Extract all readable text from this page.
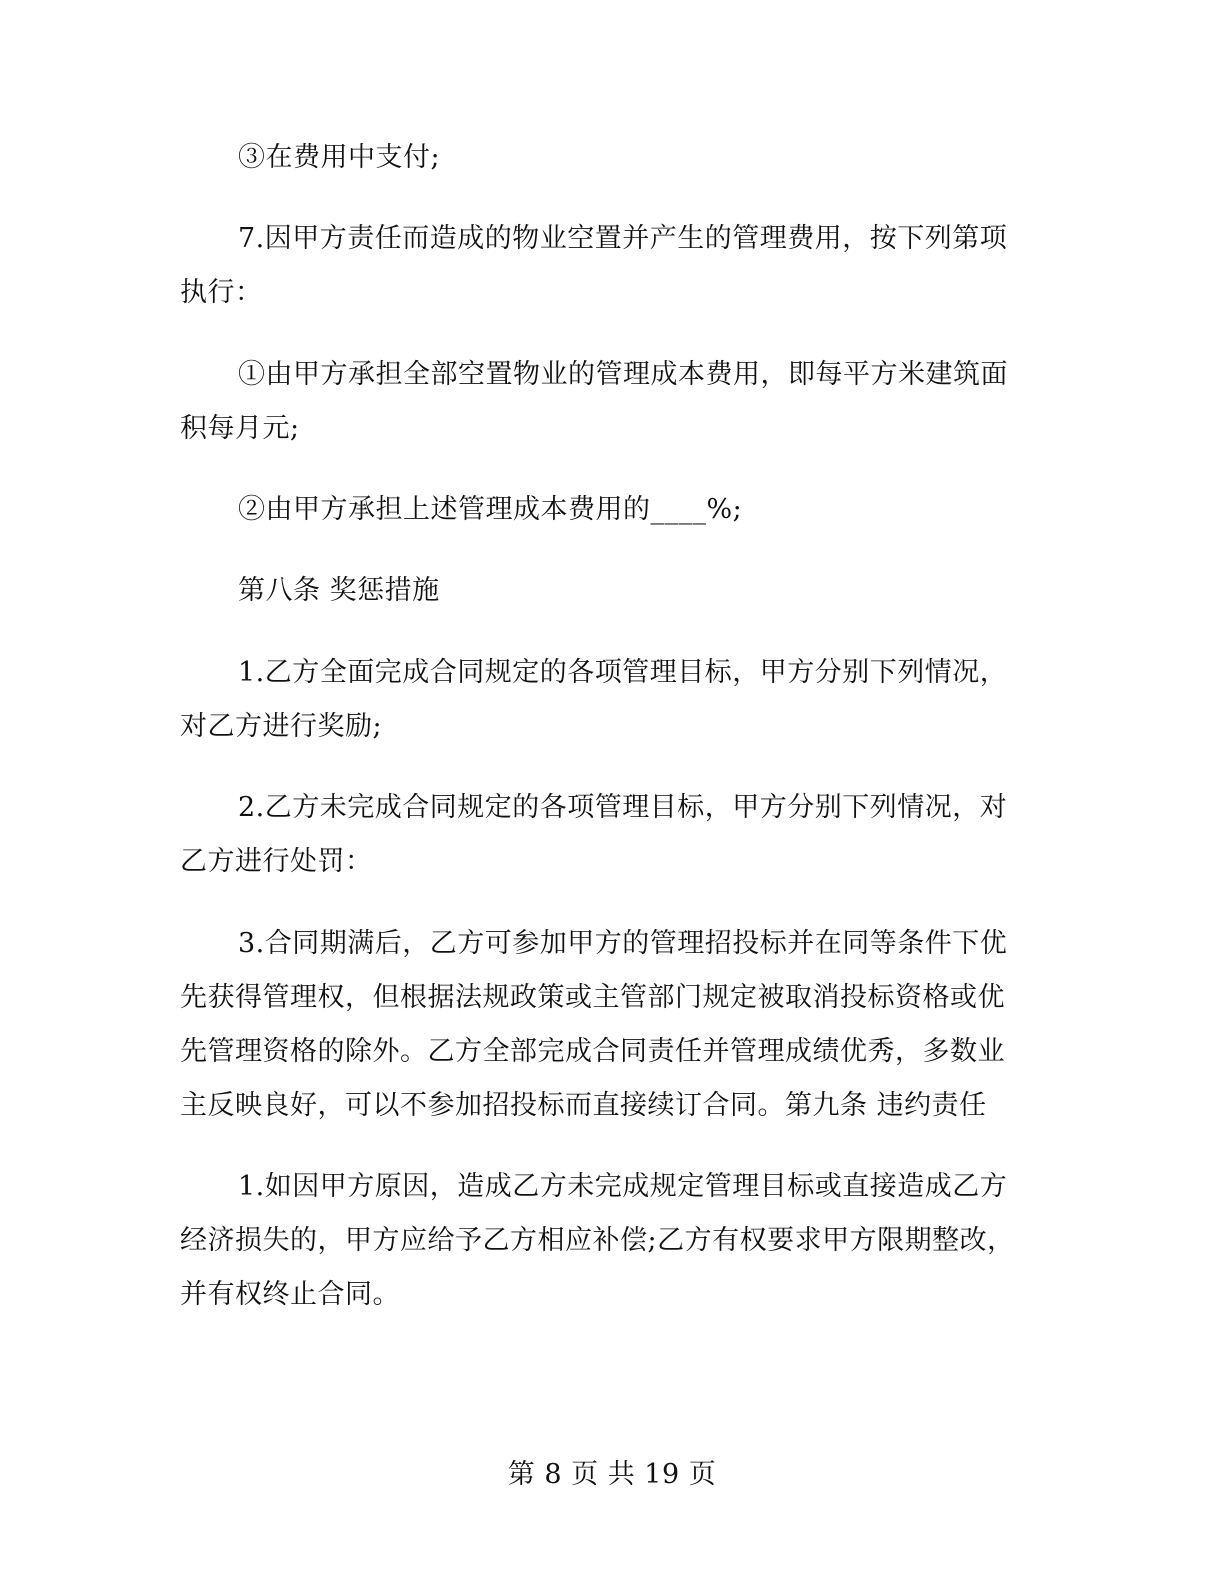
③在费用中支付;

7.因甲方责任而造成的物业空置并产生的管理费用，按下列第项执行：

①由甲方承担全部空置物业的管理成本费用，即每平方米建筑面积每月元;

②由甲方承担上述管理成本费用的____%;

第八条 奖惩措施

1.乙方全面完成合同规定的各项管理目标，甲方分别下列情况，对乙方进行奖励;

2.乙方未完成合同规定的各项管理目标，甲方分别下列情况，对乙方进行处罚：

3.合同期满后，乙方可参加甲方的管理招投标并在同等条件下优先获得管理权，但根据法规政策或主管部门规定被取消投标资格或优先管理资格的除外。乙方全部完成合同责任并管理成绩优秀，多数业主反映良好，可以不参加招投标而直接续订合同。第九条 违约责任

1.如因甲方原因，造成乙方未完成规定管理目标或直接造成乙方经济损失的，甲方应给予乙方相应补偿;乙方有权要求甲方限期整改，并有权终止合同。

第 8 页 共 19 页
